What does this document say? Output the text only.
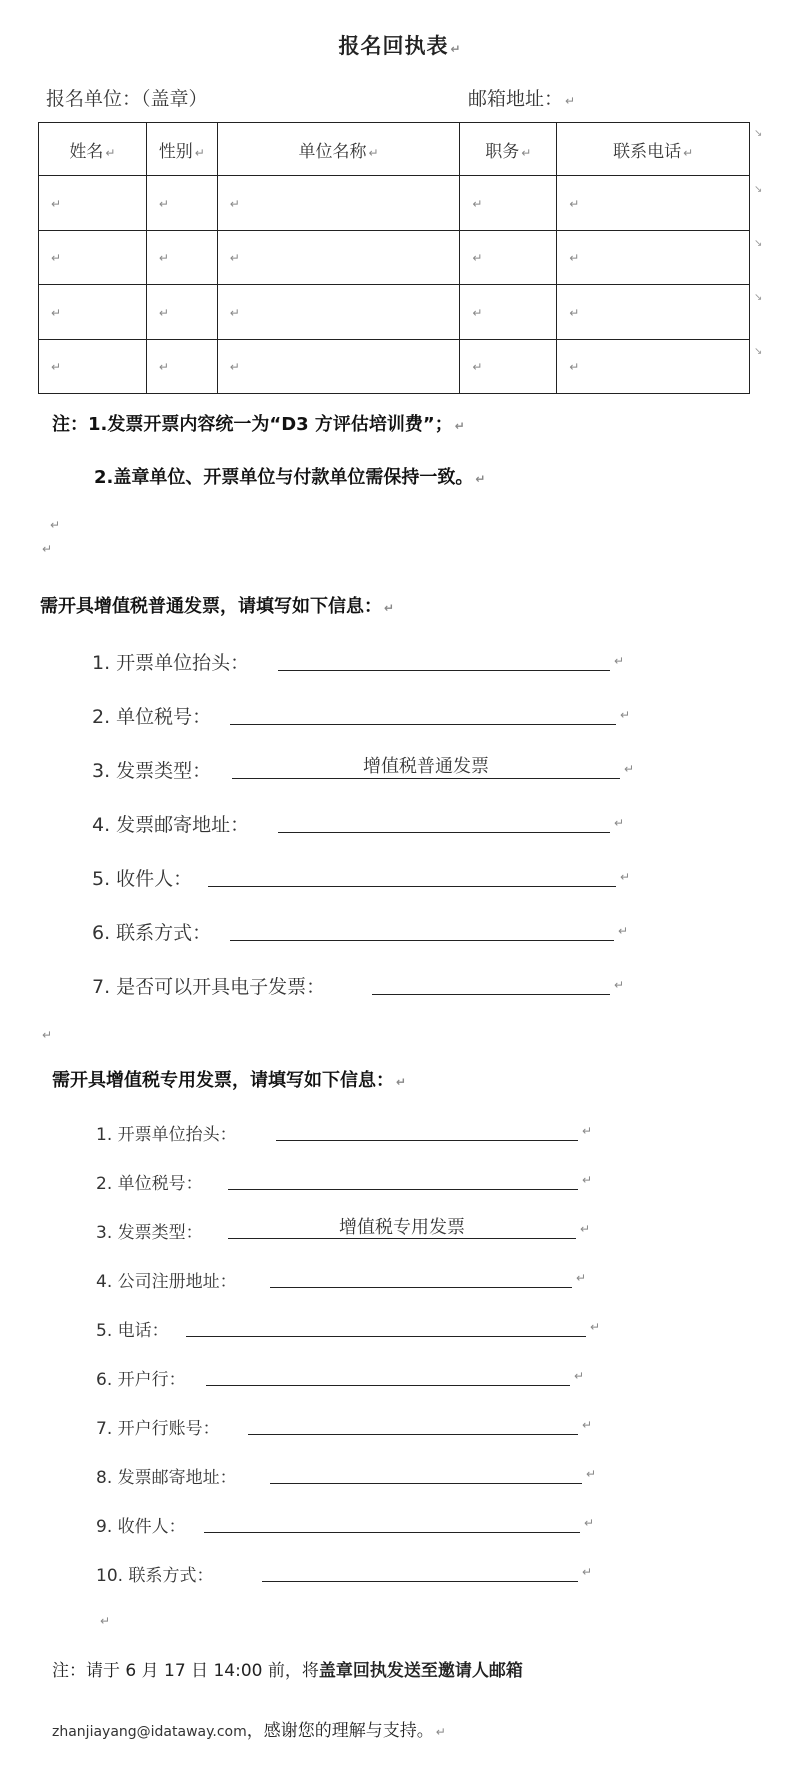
报名回执表 ↵
报名单位：（盖章）	邮箱地址： ↵
姓名 ↵	性别 ↵	单位名称 ↵	职务 ↵	联系电话 ↵
↵	↵	↵	↵	↵
↵	↵	↵	↵	↵
↵	↵	↵	↵	↵
↵	↵	↵	↵	↵
↘
↘
↘
↘
↘
注：1.发票开票内容统一为“D3 方评估培训费”； ↵
2.盖章单位、开票单位与付款单位需保持一致。 ↵
↵
↵
需开具增值税普通发票，请填写如下信息： ↵
1. 开票单位抬头：	↵
2. 单位税号：	↵
3. 发票类型：	增值税普通发票	↵
4. 发票邮寄地址：	↵
5. 收件人：	↵
6. 联系方式：	↵
7. 是否可以开具电子发票：	↵
↵
需开具增值税专用发票，请填写如下信息： ↵
1. 开票单位抬头：	↵
2. 单位税号：	↵
3. 发票类型：	增值税专用发票	↵
4. 公司注册地址：	↵
5. 电话：	↵
6. 开户行：	↵
7. 开户行账号：	↵
8. 发票邮寄地址：	↵
9. 收件人：	↵
10. 联系方式：	↵
↵
注：请于 6 月 17 日 14:00 前，将盖章回执发送至邀请人邮箱
zhanjiayang@idataway.com，感谢您的理解与支持。 ↵
